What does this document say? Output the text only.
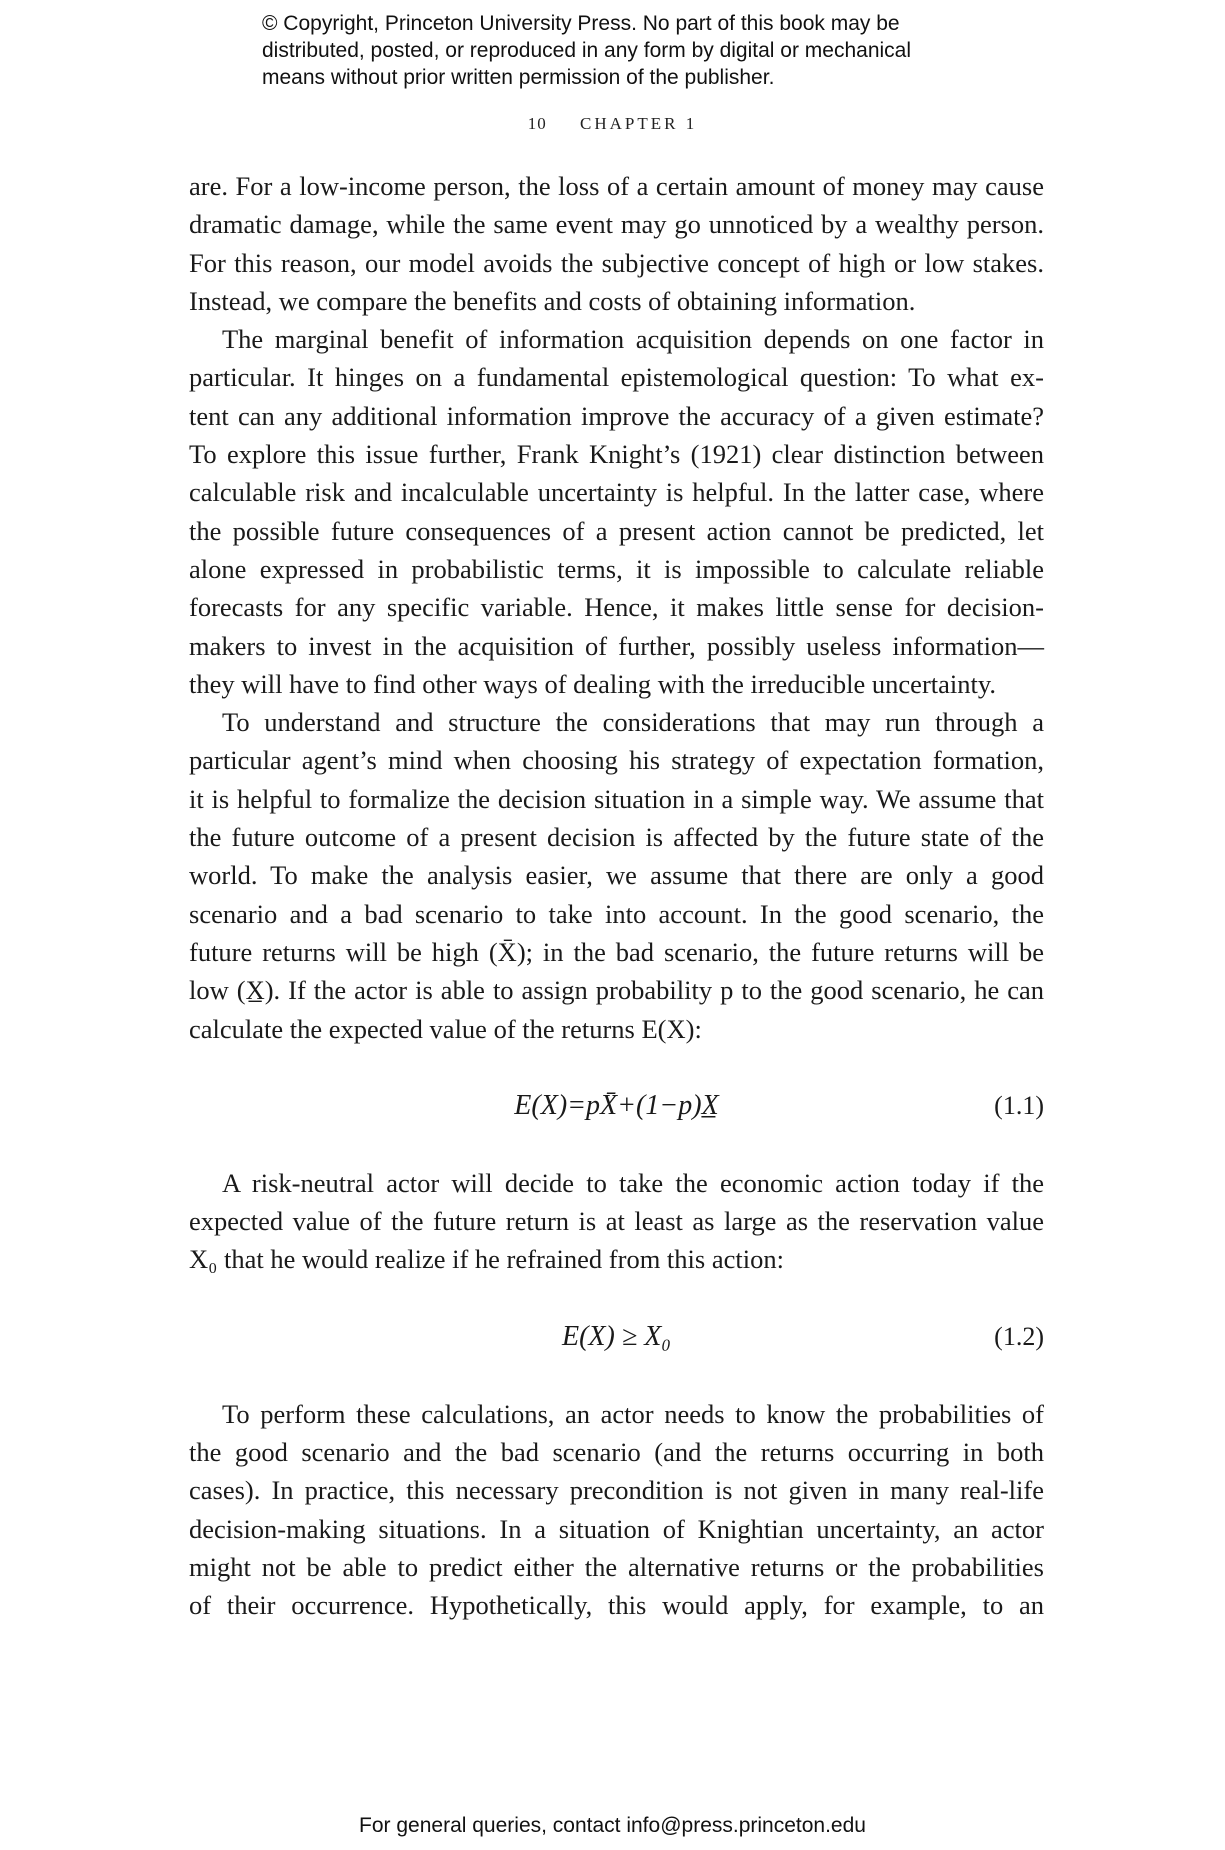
© Copyright, Princeton University Press. No part of this book may be
distributed, posted, or reproduced in any form by digital or mechanical
means without prior written permission of the publisher.
10 CHAPTER 1
are. For a low-income person, the loss of a certain amount of money may cause
dramatic damage, while the same event may go unnoticed by a wealthy person.
For this reason, our model avoids the subjective concept of high or low stakes.
Instead, we compare the benefits and costs of obtaining information.
The marginal benefit of information acquisition depends on one factor in
particular. It hinges on a fundamental epistemological question: To what ex-
tent can any additional information improve the accuracy of a given estimate?
To explore this issue further, Frank Knight’s (1921) clear distinction between
calculable risk and incalculable uncertainty is helpful. In the latter case, where
the possible future consequences of a present action cannot be predicted, let
alone expressed in probabilistic terms, it is impossible to calculate reliable
forecasts for any specific variable. Hence, it makes little sense for decision-
makers to invest in the acquisition of further, possibly useless information—
they will have to find other ways of dealing with the irreducible uncertainty.
To understand and structure the considerations that may run through a
particular agent’s mind when choosing his strategy of expectation formation,
it is helpful to formalize the decision situation in a simple way. We assume that
the future outcome of a present decision is affected by the future state of the
world. To make the analysis easier, we assume that there are only a good
scenario and a bad scenario to take into account. In the good scenario, the
future returns will be high (X̄); in the bad scenario, the future returns will be
low (X̲). If the actor is able to assign probability p to the good scenario, he can
calculate the expected value of the returns E(X):
E(X)=pX̄+(1−p)X̲	(1.1)
A risk-neutral actor will decide to take the economic action today if the
expected value of the future return is at least as large as the reservation value
X₀ that he would realize if he refrained from this action:
E(X) ≥ X₀	(1.2)
To perform these calculations, an actor needs to know the probabilities of
the good scenario and the bad scenario (and the returns occurring in both
cases). In practice, this necessary precondition is not given in many real-life
decision-making situations. In a situation of Knightian uncertainty, an actor
might not be able to predict either the alternative returns or the probabilities
of their occurrence. Hypothetically, this would apply, for example, to an
For general queries, contact info@press.princeton.edu
